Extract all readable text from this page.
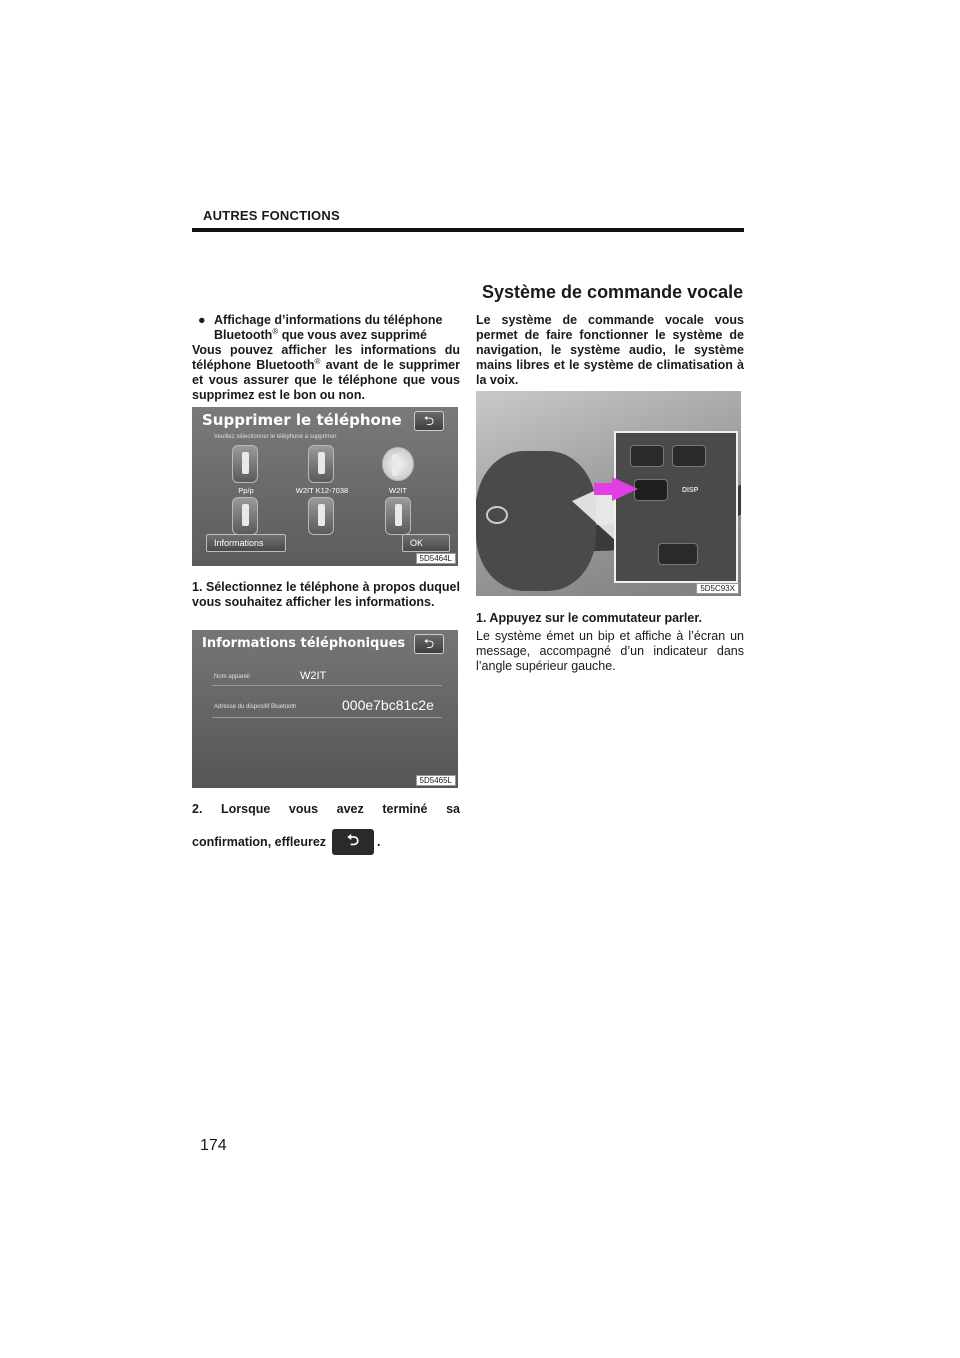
AUTRES FONCTIONS
Système de commande vocale
● Affichage d’informations du téléphone
Bluetooth® que vous avez supprimé
Vous pouvez afficher les informations du téléphone Bluetooth® avant de le supprimer et vous assurer que le téléphone que vous supprimez est le bon ou non.
Supprimer le téléphone	⮌
Veuillez sélectionner le téléphone à supprimer.
Pp/p	W2IT K12-7038	W2IT
Informations	OK
5D5464L
1. Sélectionnez le téléphone à propos duquel vous souhaitez afficher les informations.
Informations téléphoniques	⮌
Nom appareil	W2IT
Adresse du dispositif Bluetooth	000e7bc81c2e
5D5465L
2. Lorsque vous avez terminé sa
confirmation, effleurez	⮌	.
Le système de commande vocale vous permet de faire fonctionner le système de navigation, le système audio, le système mains libres et le système de climatisation à la voix.
DISP
5D5C93X
1. Appuyez sur le commutateur parler.
Le système émet un bip et affiche à l’écran un message, accompagné d’un indicateur dans l’angle supérieur gauche.
174
